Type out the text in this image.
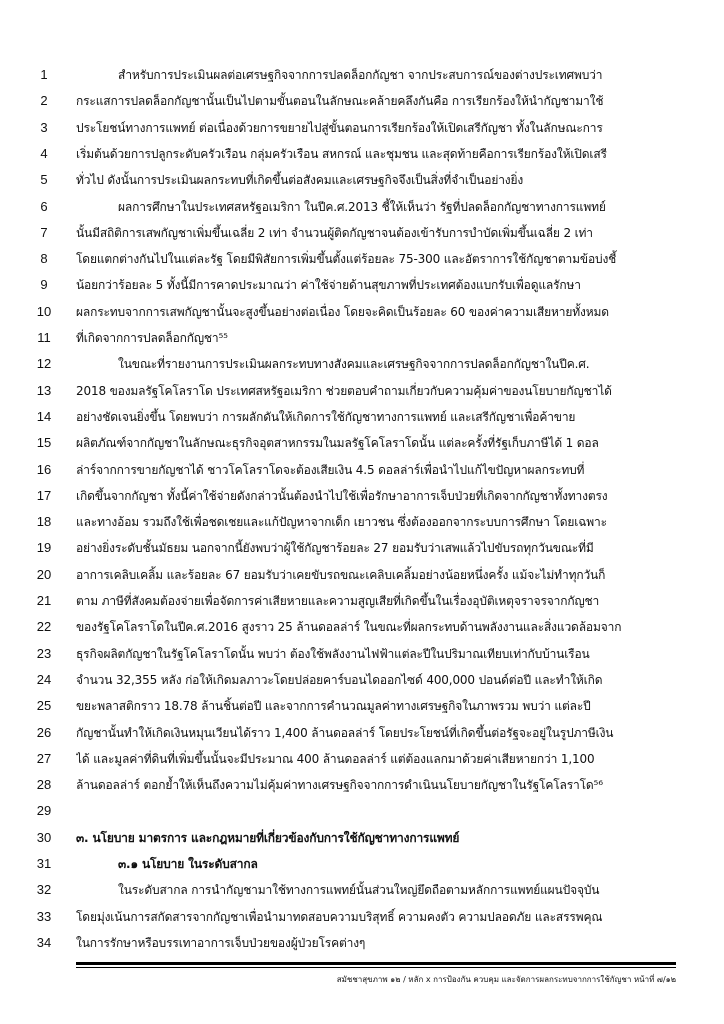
สมัชชาสุขภาพ ๑๒ / หลัก x การป้องกัน ควบคุม และจัดการผลกระทบจากการใช้กัญชา หน้าที่ ๗/๑๒
1	สำหรับการประเมินผลต่อเศรษฐกิจจากการปลดล็อกกัญชา จากประสบการณ์ของต่างประเทศพบว่า
2	กระแสการปลดล็อกกัญชานั้นเป็นไปตามขั้นตอนในลักษณะคล้ายคลึงกันคือ การเรียกร้องให้นำกัญชามาใช้
3	ประโยชน์ทางการแพทย์ ต่อเนื่องด้วยการขยายไปสู่ขั้นตอนการเรียกร้องให้เปิดเสรีกัญชา ทั้งในลักษณะการ
4	เริ่มต้นด้วยการปลูกระดับครัวเรือน กลุ่มครัวเรือน สหกรณ์ และชุมชน และสุดท้ายคือการเรียกร้องให้เปิดเสรี
5	ทั่วไป ดังนั้นการประเมินผลกระทบที่เกิดขึ้นต่อสังคมและเศรษฐกิจจึงเป็นสิ่งที่จำเป็นอย่างยิ่ง
6	ผลการศึกษาในประเทศสหรัฐอเมริกา ในปีค.ศ.2013 ชี้ให้เห็นว่า รัฐที่ปลดล็อกกัญชาทางการแพทย์
7	นั้นมีสถิติการเสพกัญชาเพิ่มขึ้นเฉลี่ย 2 เท่า จำนวนผู้ติดกัญชาจนต้องเข้ารับการบำบัดเพิ่มขึ้นเฉลี่ย 2 เท่า
8	โดยแตกต่างกันไปในแต่ละรัฐ โดยมีพิสัยการเพิ่มขึ้นตั้งแต่ร้อยละ 75-300 และอัตราการใช้กัญชาตามข้อบ่งชี้
9	น้อยกว่าร้อยละ 5 ทั้งนี้มีการคาดประมาณว่า ค่าใช้จ่ายด้านสุขภาพที่ประเทศต้องแบกรับเพื่อดูแลรักษา
10	ผลกระทบจากการเสพกัญชานั้นจะสูงขึ้นอย่างต่อเนื่อง โดยจะคิดเป็นร้อยละ 60 ของค่าความเสียหายทั้งหมด
11	ที่เกิดจากการปลดล็อกกัญชา⁵⁵
12	ในขณะที่รายงานการประเมินผลกระทบทางสังคมและเศรษฐกิจจากการปลดล็อกกัญชาในปีค.ศ.
13	2018 ของมลรัฐโคโลราโด ประเทศสหรัฐอเมริกา ช่วยตอบคำถามเกี่ยวกับความคุ้มค่าของนโยบายกัญชาได้
14	อย่างชัดเจนยิ่งขึ้น โดยพบว่า การผลักดันให้เกิดการใช้กัญชาทางการแพทย์ และเสรีกัญชาเพื่อค้าขาย
15	ผลิตภัณฑ์จากกัญชาในลักษณะธุรกิจอุตสาหกรรมในมลรัฐโคโลราโดนั้น แต่ละครั้งที่รัฐเก็บภาษีได้ 1 ดอล
16	ล่าร์จากการขายกัญชาได้ ชาวโคโลราโดจะต้องเสียเงิน 4.5 ดอลล่าร์เพื่อนำไปแก้ไขปัญหาผลกระทบที่
17	เกิดขึ้นจากกัญชา ทั้งนี้ค่าใช้จ่ายดังกล่าวนั้นต้องนำไปใช้เพื่อรักษาอาการเจ็บป่วยที่เกิดจากกัญชาทั้งทางตรง
18	และทางอ้อม รวมถึงใช้เพื่อชดเชยและแก้ปัญหาจากเด็ก เยาวชน ซึ่งต้องออกจากระบบการศึกษา โดยเฉพาะ
19	อย่างยิ่งระดับชั้นมัธยม นอกจากนี้ยังพบว่าผู้ใช้กัญชาร้อยละ 27 ยอมรับว่าเสพแล้วไปขับรถทุกวันขณะที่มี
20	อาการเคลิบเคลิ้ม และร้อยละ 67 ยอมรับว่าเคยขับรถขณะเคลิบเคลิ้มอย่างน้อยหนึ่งครั้ง แม้จะไม่ทำทุกวันก็
21	ตาม ภาษีที่สังคมต้องจ่ายเพื่อจัดการค่าเสียหายและความสูญเสียที่เกิดขึ้นในเรื่องอุบัติเหตุจราจรจากกัญชา
22	ของรัฐโคโลราโดในปีค.ศ.2016 สูงราว 25 ล้านดอลล่าร์ ในขณะที่ผลกระทบด้านพลังงานและสิ่งแวดล้อมจาก
23	ธุรกิจผลิตกัญชาในรัฐโคโลราโดนั้น พบว่า ต้องใช้พลังงานไฟฟ้าแต่ละปีในปริมาณเทียบเท่ากับบ้านเรือน
24	จำนวน 32,355 หลัง ก่อให้เกิดมลภาวะโดยปล่อยคาร์บอนไดออกไซด์ 400,000 ปอนด์ต่อปี และทำให้เกิด
25	ขยะพลาสติกราว 18.78 ล้านชิ้นต่อปี และจากการคำนวณมูลค่าทางเศรษฐกิจในภาพรวม พบว่า แต่ละปี
26	กัญชานั้นทำให้เกิดเงินหมุนเวียนได้ราว 1,400 ล้านดอลล่าร์ โดยประโยชน์ที่เกิดขึ้นต่อรัฐจะอยู่ในรูปภาษีเงิน
27	ได้ และมูลค่าที่ดินที่เพิ่มขึ้นนั้นจะมีประมาณ 400 ล้านดอลล่าร์ แต่ต้องแลกมาด้วยค่าเสียหายกว่า 1,100
28	ล้านดอลล่าร์ ตอกย้ำให้เห็นถึงความไม่คุ้มค่าทางเศรษฐกิจจากการดำเนินนโยบายกัญชาในรัฐโคโลราโด⁵⁶
29
30	๓. นโยบาย มาตรการ และกฎหมายที่เกี่ยวข้องกับการใช้กัญชาทางการแพทย์
31	๓.๑ นโยบาย ในระดับสากล
32	ในระดับสากล การนำกัญชามาใช้ทางการแพทย์นั้นส่วนใหญ่ยึดถือตามหลักการแพทย์แผนปัจจุบัน
33	โดยมุ่งเน้นการสกัดสารจากกัญชาเพื่อนำมาทดสอบความบริสุทธิ์ ความคงตัว ความปลอดภัย และสรรพคุณ
34	ในการรักษาหรือบรรเทาอาการเจ็บป่วยของผู้ป่วยโรคต่างๆ
